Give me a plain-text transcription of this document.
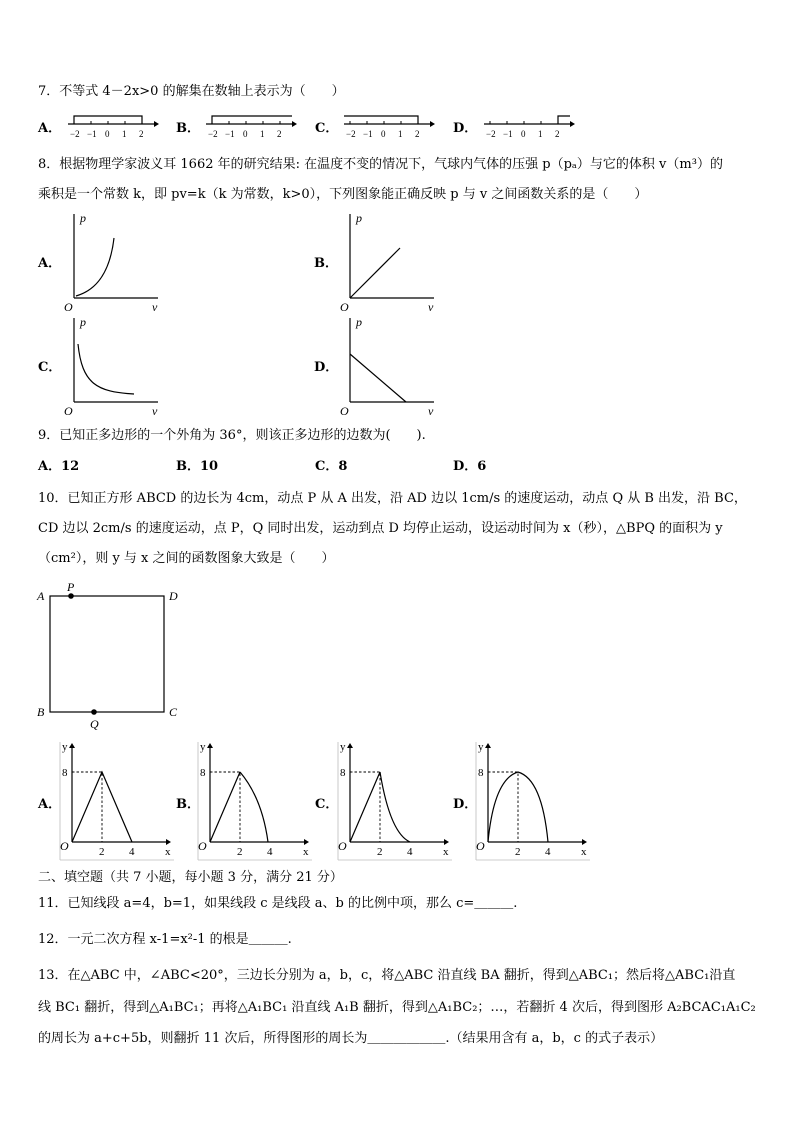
7．不等式 4－2x>0 的解集在数轴上表示为（　　）
A． −2 −1 0 1 2	B． −2 −1 0 1 2	C． −2 −1 0 1 2	D． −2 −1 0 1 2
8．根据物理学家波义耳 1662 年的研究结果: 在温度不变的情况下，气球内气体的压强 p（pₐ）与它的体积 v（m³）的
乘积是一个常数 k，即 pv=k（k 为常数，k>0），下列图象能正确反映 p 与 v 之间函数关系的是（　　）
A．
p
v
O
B．
p
v
O
C．
p
v
O
D．
p
v
O
9．已知正多边形的一个外角为 36°，则该正多边形的边数为(　　).
A．12	B．10	C．8	D．6
10．已知正方形 ABCD 的边长为 4cm，动点 P 从 A 出发，沿 AD 边以 1cm/s 的速度运动，动点 Q 从 B 出发，沿 BC，
CD 边以 2cm/s 的速度运动，点 P，Q 同时出发，运动到点 D 均停止运动，设运动时间为 x（秒），△BPQ 的面积为 y
（cm²），则 y 与 x 之间的函数图象大致是（　　）
A
P
D
B
Q
C
A．
y
8
O	2 4	x
B．
y
8
O	2 4	x
C．
y
8
O	2 4	x
D．
y
8
O	2 4	x
二、填空题（共 7 小题，每小题 3 分，满分 21 分）
11．已知线段 a=4，b=1，如果线段 c 是线段 a、b 的比例中项，那么 c=＿＿＿.
12．一元二次方程 x-1=x²-1 的根是＿＿＿.
13．在△ABC 中，∠ABC<20°，三边长分别为 a，b，c，将△ABC 沿直线 BA 翻折，得到△ABC₁；然后将△ABC₁沿直
线 BC₁ 翻折，得到△A₁BC₁；再将△A₁BC₁ 沿直线 A₁B 翻折，得到△A₁BC₂；…，若翻折 4 次后，得到图形 A₂BCAC₁A₁C₂
的周长为 a+c+5b，则翻折 11 次后，所得图形的周长为＿＿＿＿＿＿.（结果用含有 a，b，c 的式子表示）
